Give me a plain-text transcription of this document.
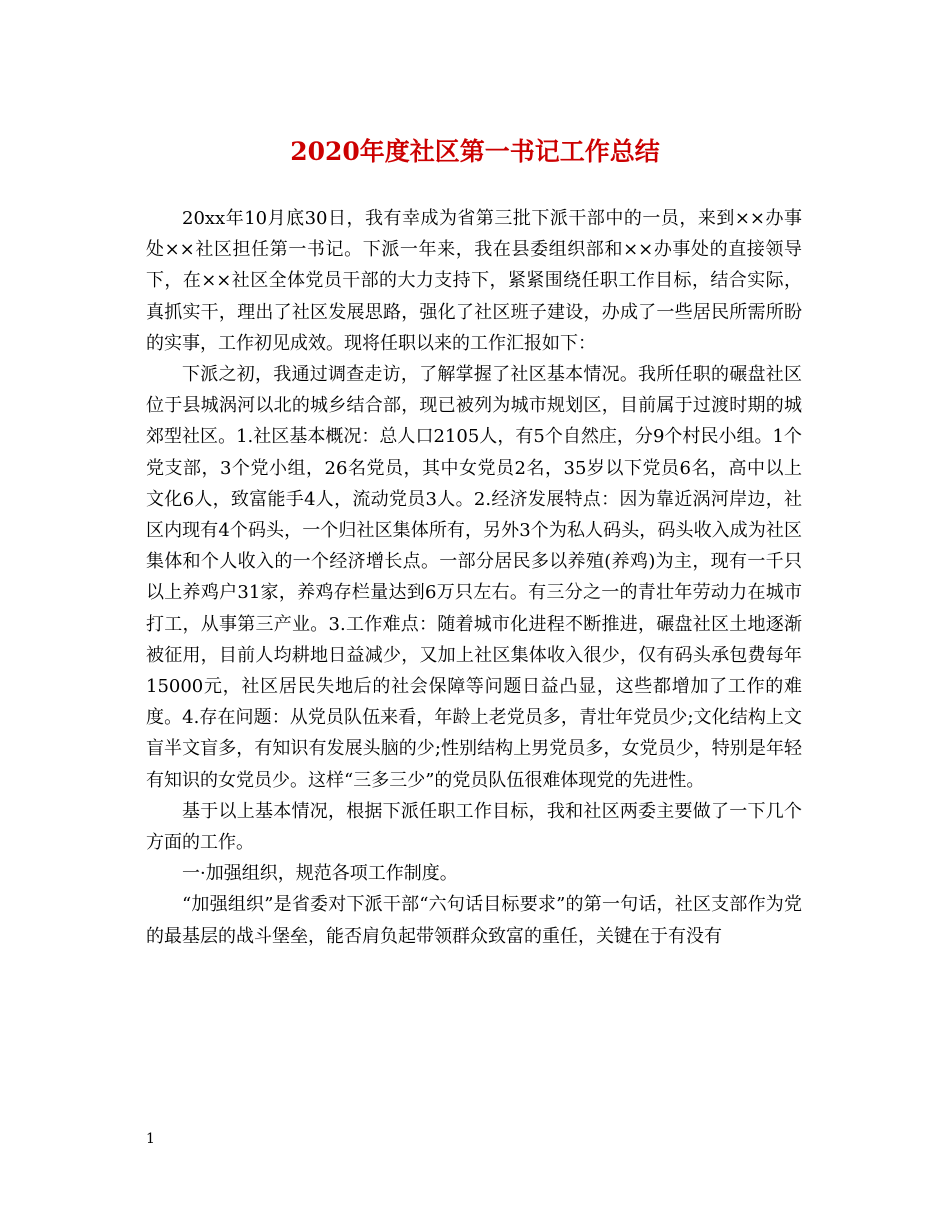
2020年度社区第一书记工作总结

20xx年10月底30日，我有幸成为省第三批下派干部中的一员，来到××办事处××社区担任第一书记。下派一年来，我在县委组织部和××办事处的直接领导下，在××社区全体党员干部的大力支持下，紧紧围绕任职工作目标，结合实际，真抓实干，理出了社区发展思路，强化了社区班子建设，办成了一些居民所需所盼的实事，工作初见成效。现将任职以来的工作汇报如下：

下派之初，我通过调查走访，了解掌握了社区基本情况。我所任职的碾盘社区位于县城涡河以北的城乡结合部，现已被列为城市规划区，目前属于过渡时期的城郊型社区。1.社区基本概况：总人口2105人，有5个自然庄，分9个村民小组。1个党支部，3个党小组，26名党员，其中女党员2名，35岁以下党员6名，高中以上文化6人，致富能手4人，流动党员3人。2.经济发展特点：因为靠近涡河岸边，社区内现有4个码头，一个归社区集体所有，另外3个为私人码头，码头收入成为社区集体和个人收入的一个经济增长点。一部分居民多以养殖(养鸡)为主，现有一千只以上养鸡户31家，养鸡存栏量达到6万只左右。有三分之一的青壮年劳动力在城市打工，从事第三产业。3.工作难点：随着城市化进程不断推进，碾盘社区土地逐渐被征用，目前人均耕地日益减少，又加上社区集体收入很少，仅有码头承包费每年15000元，社区居民失地后的社会保障等问题日益凸显，这些都增加了工作的难度。4.存在问题：从党员队伍来看，年龄上老党员多，青壮年党员少;文化结构上文盲半文盲多，有知识有发展头脑的少;性别结构上男党员多，女党员少，特别是年轻有知识的女党员少。这样“三多三少”的党员队伍很难体现党的先进性。

基于以上基本情况，根据下派任职工作目标，我和社区两委主要做了一下几个方面的工作。

一·加强组织，规范各项工作制度。

“加强组织”是省委对下派干部“六句话目标要求”的第一句话，社区支部作为党的最基层的战斗堡垒，能否肩负起带领群众致富的重任，关键在于有没有

1
